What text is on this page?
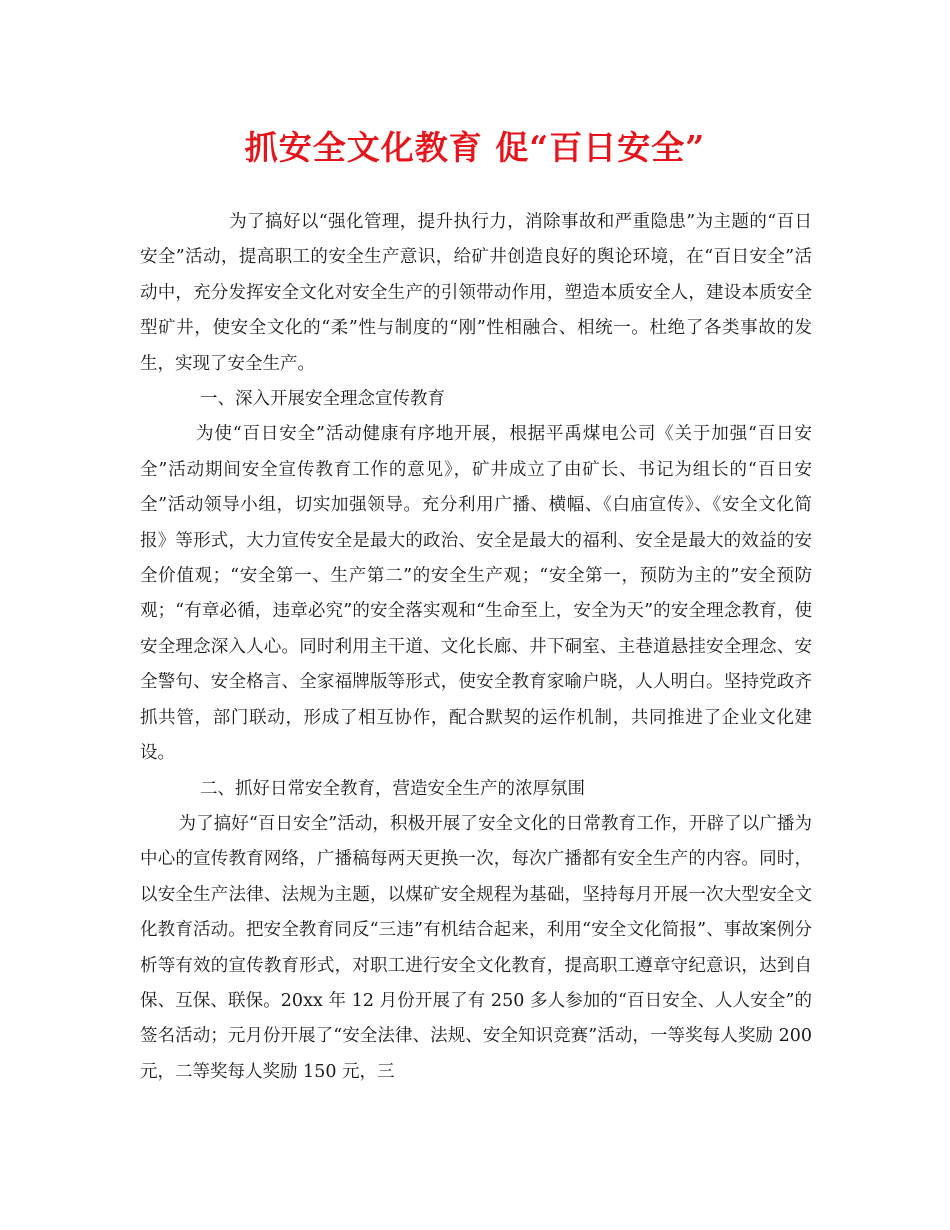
抓安全文化教育 促“百日安全”

为了搞好以“强化管理，提升执行力，消除事故和严重隐患”为主题的“百日安全”活动，提高职工的安全生产意识，给矿井创造良好的舆论环境，在“百日安全”活动中，充分发挥安全文化对安全生产的引领带动作用，塑造本质安全人，建设本质安全型矿井，使安全文化的“柔”性与制度的“刚”性相融合、相统一。杜绝了各类事故的发生，实现了安全生产。

一、深入开展安全理念宣传教育

为使“百日安全”活动健康有序地开展，根据平禹煤电公司《关于加强“百日安全”活动期间安全宣传教育工作的意见》，矿井成立了由矿长、书记为组长的“百日安全”活动领导小组，切实加强领导。充分利用广播、横幅、《白庙宣传》、《安全文化简报》等形式，大力宣传安全是最大的政治、安全是最大的福利、安全是最大的效益的安全价值观；“安全第一、生产第二”的安全生产观；“安全第一，预防为主的”安全预防观；“有章必循，违章必究”的安全落实观和“生命至上，安全为天”的安全理念教育，使安全理念深入人心。同时利用主干道、文化长廊、井下硐室、主巷道悬挂安全理念、安全警句、安全格言、全家福牌版等形式，使安全教育家喻户晓，人人明白。坚持党政齐抓共管，部门联动，形成了相互协作，配合默契的运作机制，共同推进了企业文化建设。

二、抓好日常安全教育，营造安全生产的浓厚氛围

为了搞好“百日安全”活动，积极开展了安全文化的日常教育工作，开辟了以广播为中心的宣传教育网络，广播稿每两天更换一次，每次广播都有安全生产的内容。同时，以安全生产法律、法规为主题，以煤矿安全规程为基础，坚持每月开展一次大型安全文化教育活动。把安全教育同反“三违”有机结合起来，利用“安全文化简报”、事故案例分析等有效的宣传教育形式，对职工进行安全文化教育，提高职工遵章守纪意识，达到自保、互保、联保。20xx 年 12 月份开展了有 250 多人参加的“百日安全、人人安全”的签名活动；元月份开展了“安全法律、法规、安全知识竞赛”活动，一等奖每人奖励 200 元，二等奖每人奖励 150 元，三
